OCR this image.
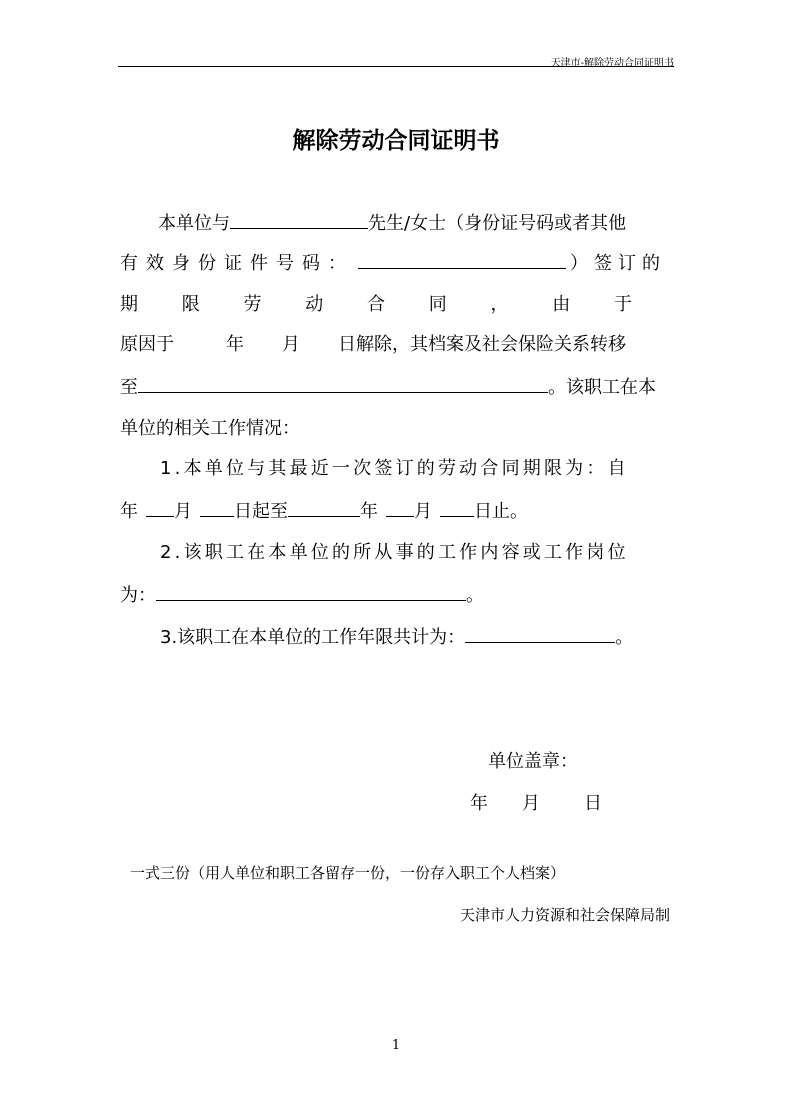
天津市-解除劳动合同证明书
解除劳动合同证明书
本单位与	先生/女士（身份证号码或者其他
有 效 身 份 证 件 号 码 ：	）签订的
期 限 劳 动 合 同 ， 由 于
原因于	年 月 日解除，其档案及社会保险关系转移
至	。该职工在本
单位的相关工作情况：
1.本单位与其最近一次签订的劳动合同期限为：自
年 月 日起至	年 月 日止。
2.该职工在本单位的所从事的工作内容或工作岗位
为：	。
3.该职工在本单位的工作年限共计为：	。
单位盖章：
年 月 日
一式三份（用人单位和职工各留存一份，一份存入职工个人档案）
天津市人力资源和社会保障局制
1
